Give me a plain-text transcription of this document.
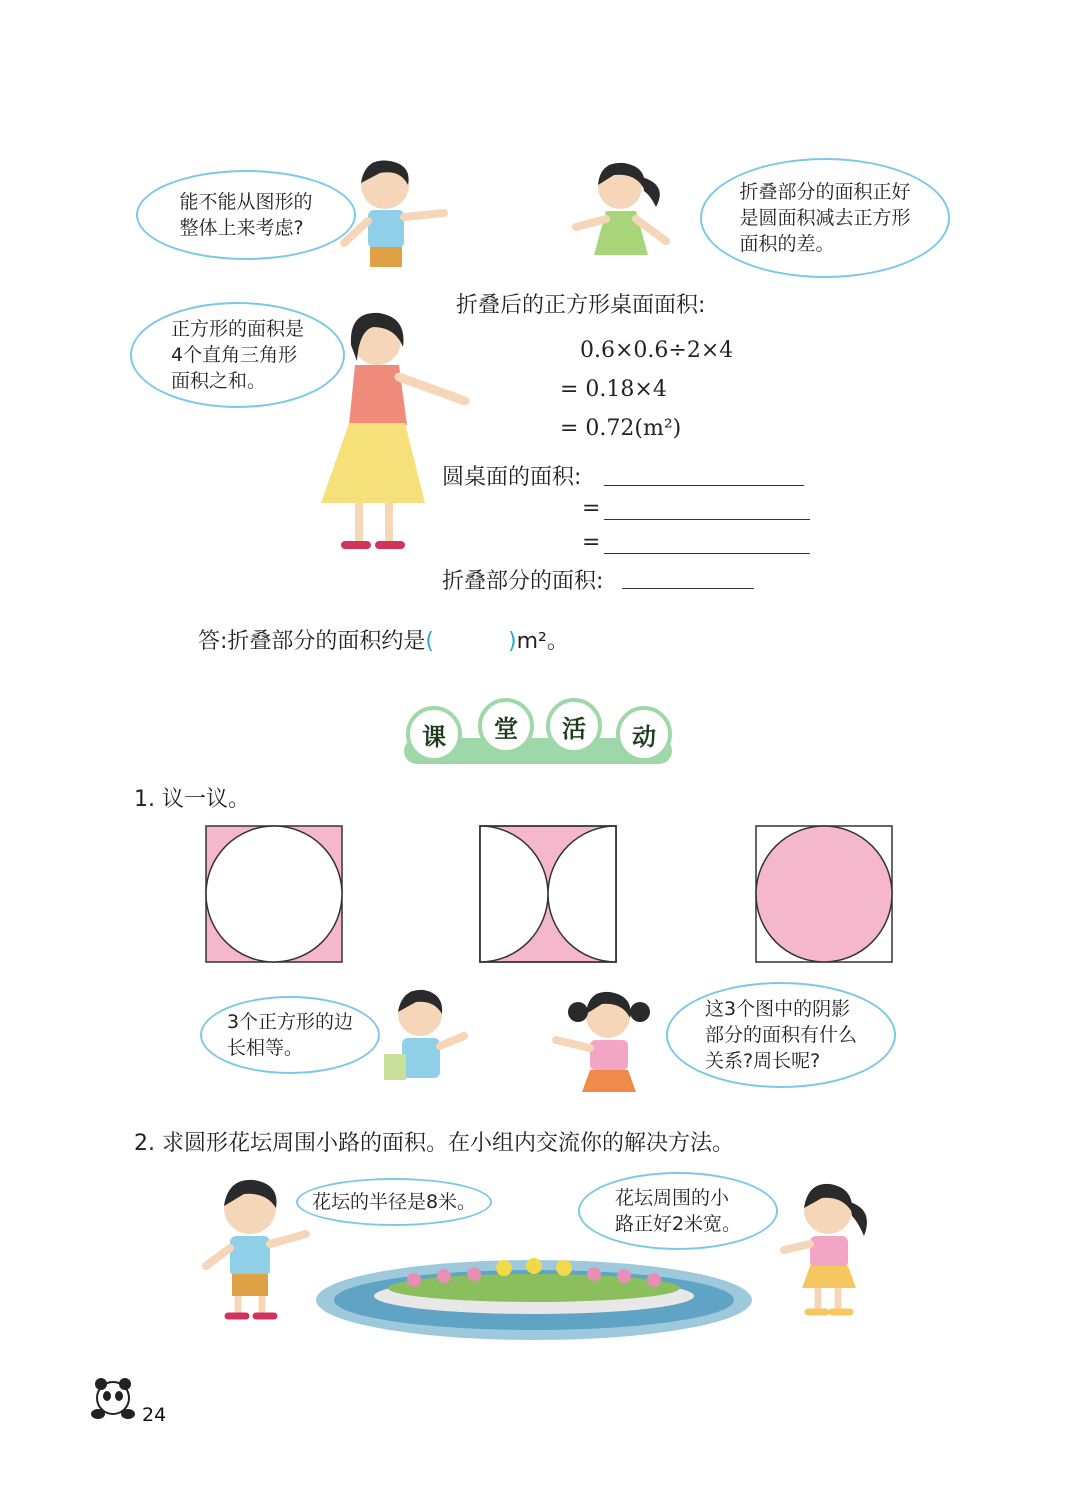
能不能从图形的
整体上来考虑?
折叠部分的面积正好
是圆面积减去正方形
面积的差。
正方形的面积是
4个直角三角形
面积之和。
折叠后的正方形桌面面积:
0.6×0.6÷2×4
= 0.18×4
= 0.72(m²)
圆桌面的面积:
=
=
折叠部分的面积:
答:折叠部分的面积约是(	)m²。
课	堂	活	动
1. 议一议。
3个正方形的边
长相等。
这3个图中的阴影
部分的面积有什么
关系?周长呢?
2. 求圆形花坛周围小路的面积。在小组内交流你的解决方法。
花坛的半径是8米。	花坛周围的小
路正好2米宽。
24
